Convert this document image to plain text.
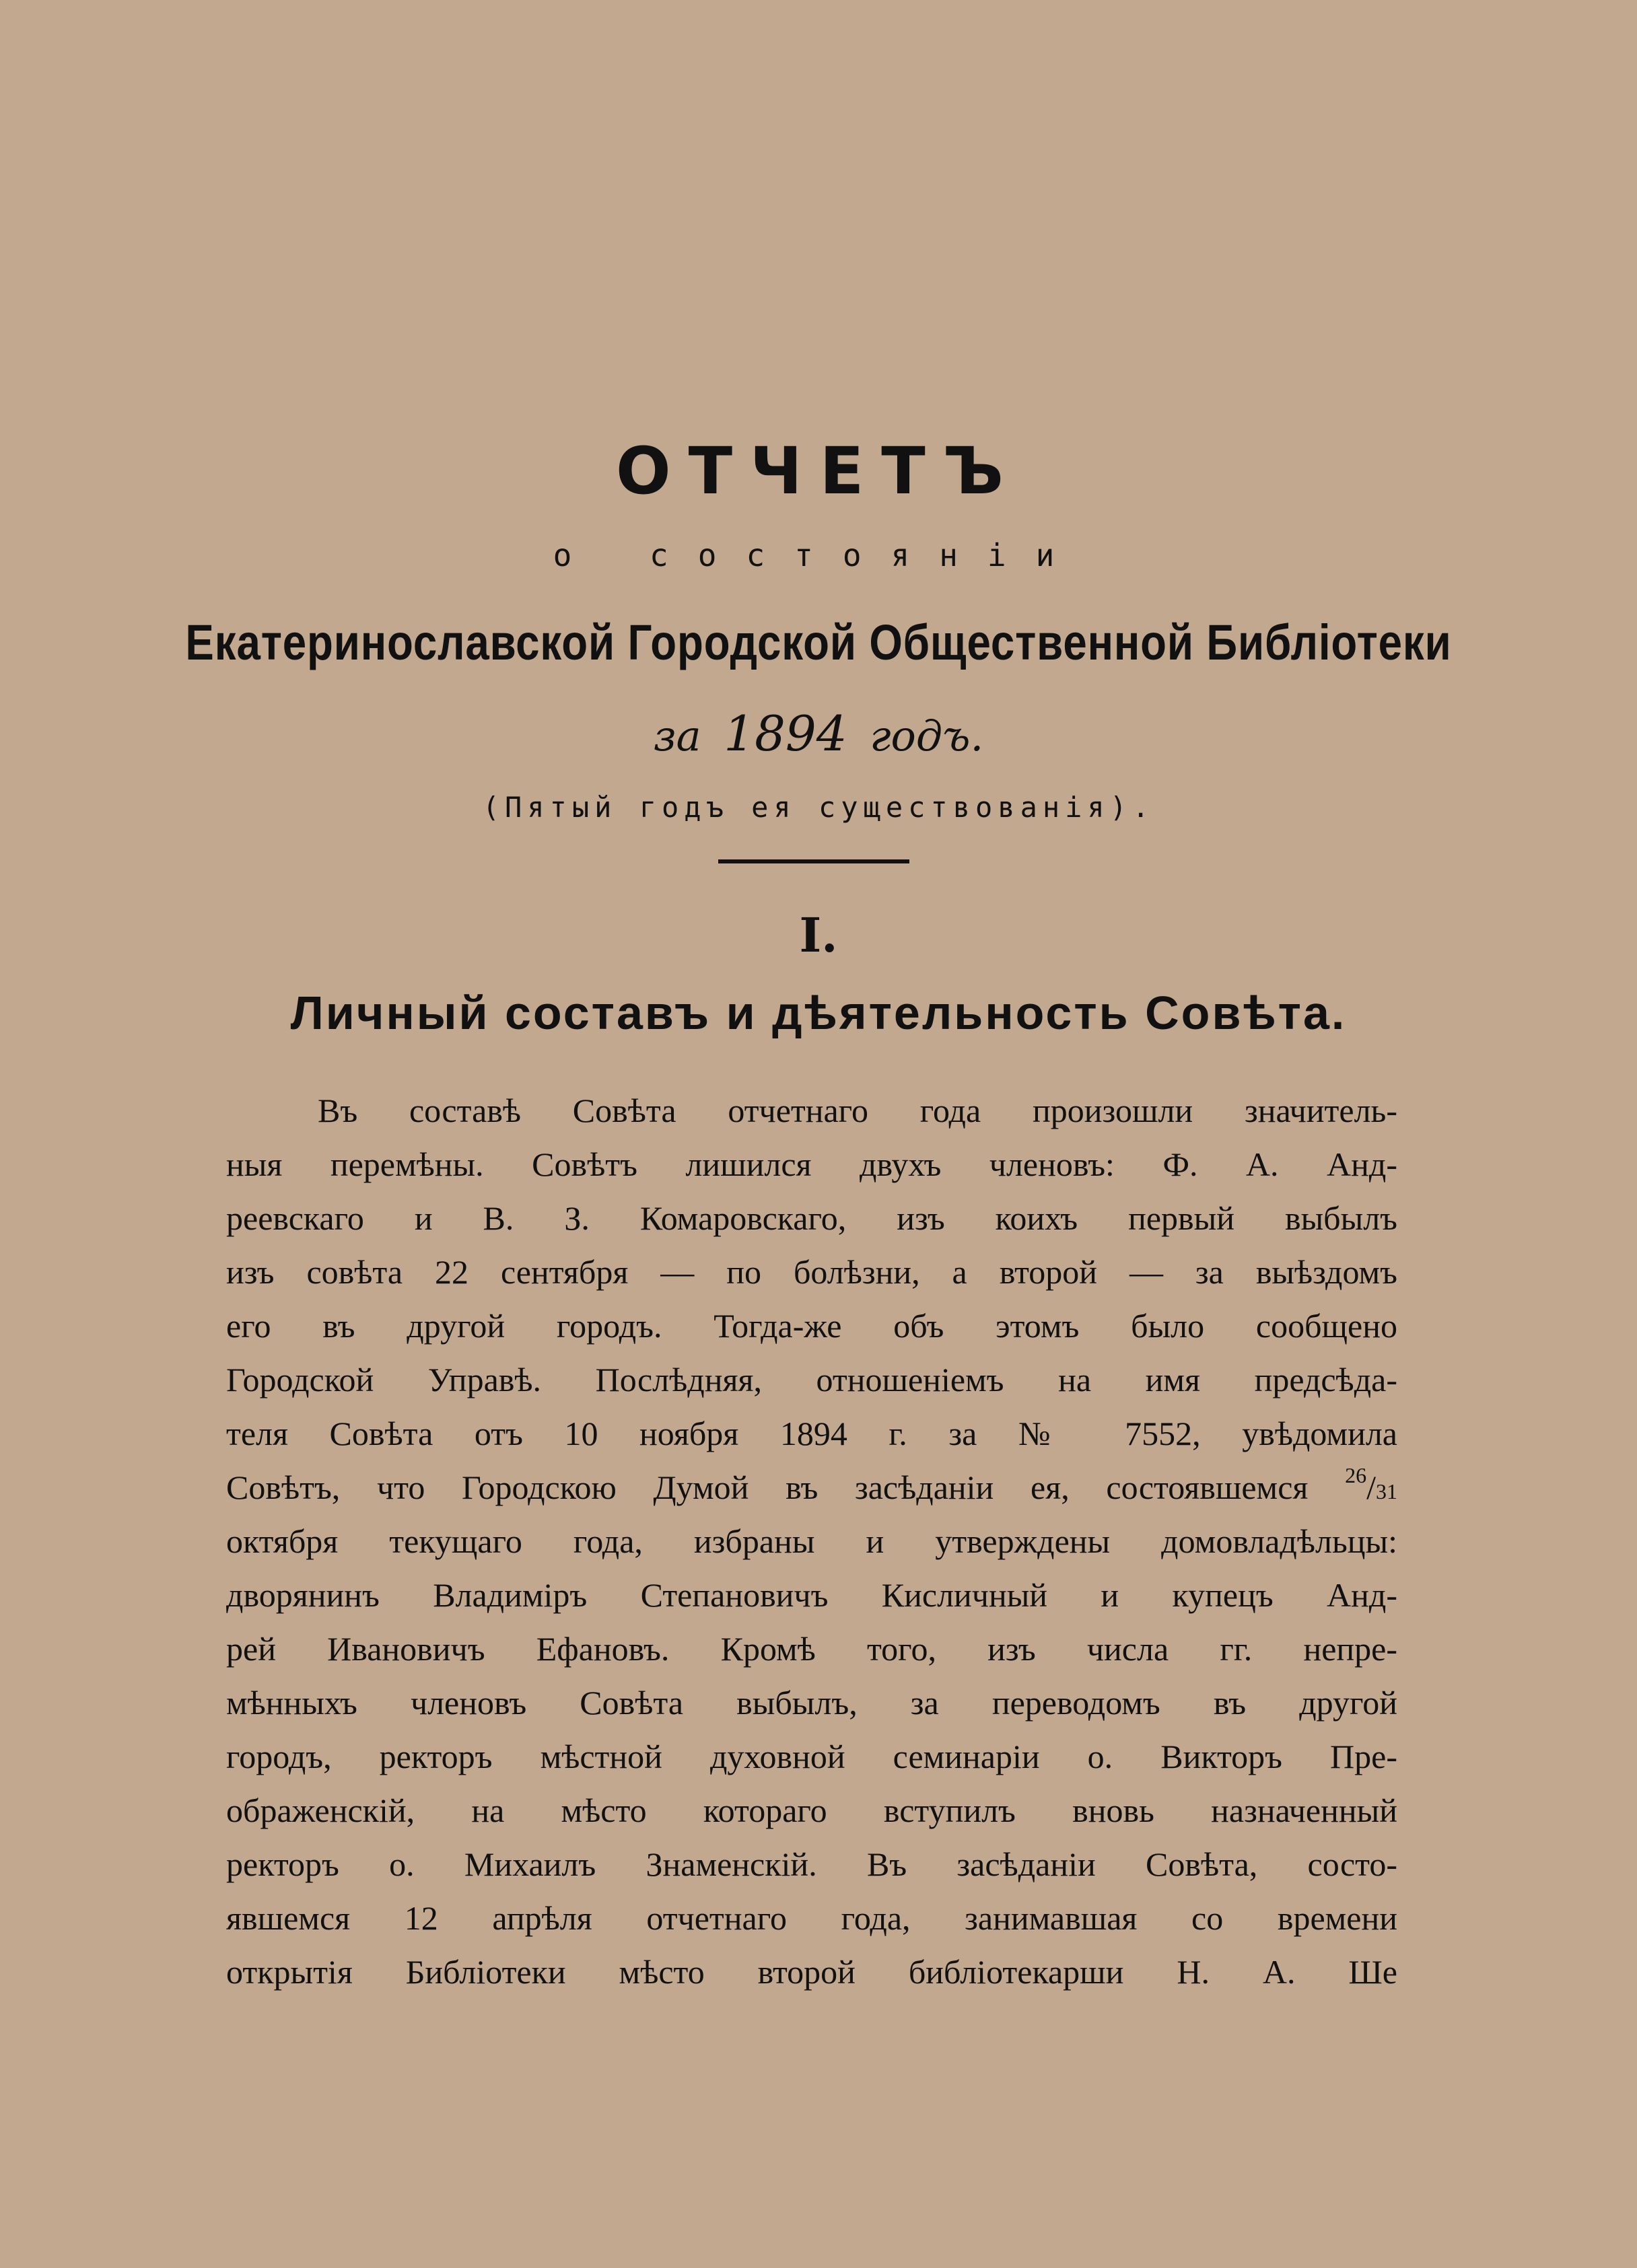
ОТЧЕТЪ
о состояніи
Екатеринославской Городской Общественной Библіотеки
за 1894 годъ.
(Пятый годъ ея существованія).
I.
Личный составъ и дѣятельность Совѣта.
Въ составѣ Совѣта отчетнаго года произошли значитель-
ныя перемѣны. Совѣтъ лишился двухъ членовъ: Ф. А. Анд-
реевскаго и В. З. Комаровскаго, изъ коихъ первый выбылъ
изъ совѣта 22 сентября — по болѣзни, а второй — за выѣздомъ
его въ другой городъ. Тогда-же объ этомъ было сообщено
Городской Управѣ. Послѣдняя, отношеніемъ на имя предсѣда-
теля Совѣта отъ 10 ноября 1894 г. за № 7552, увѣдомила
Совѣтъ, что Городскою Думой въ засѣданіи ея, состоявшемся $^{26}$/31
октября текущаго года, избраны и утверждены домовладѣльцы:
дворянинъ Владиміръ Степановичъ Кисличный и купецъ Анд-
рей Ивановичъ Ефановъ. Кромѣ того, изъ числа гг. непре-
мѣнныхъ членовъ Совѣта выбылъ, за переводомъ въ другой
городъ, ректоръ мѣстной духовной семинаріи о. Викторъ Пре-
ображенскій, на мѣсто котораго вступилъ вновь назначенный
ректоръ о. Михаилъ Знаменскій. Въ засѣданіи Совѣта, состо-
явшемся 12 апрѣля отчетнаго года, занимавшая со времени
открытія Библіотеки мѣсто второй библіотекарши Н. А. Ше
